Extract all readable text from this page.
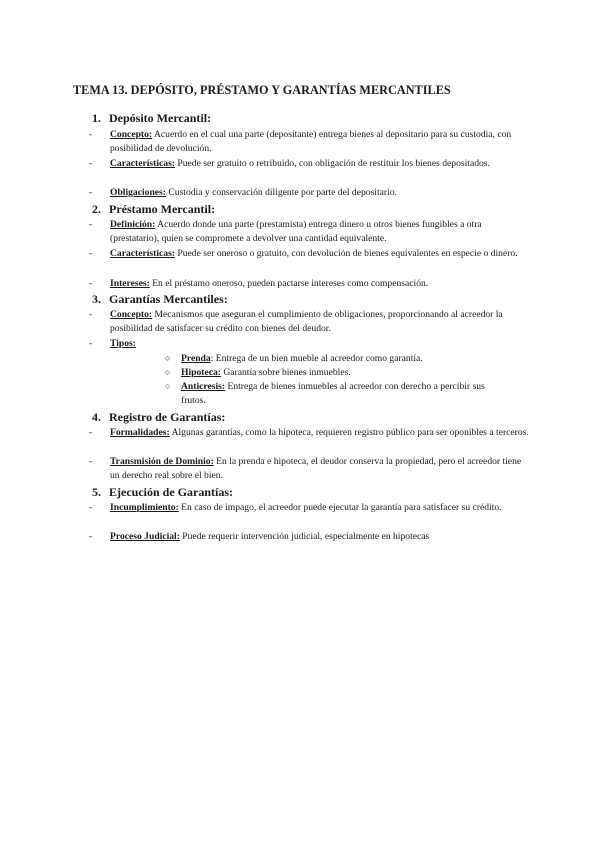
TEMA 13. DEPÓSITO, PRÉSTAMO Y GARANTÍAS MERCANTILES
1. Depósito Mercantil:
- Concepto: Acuerdo en el cual una parte (depositante) entrega bienes al depositario para su custodia, con posibilidad de devolución.
- Características: Puede ser gratuito o retribuido, con obligación de restituir los bienes depositados.
- Obligaciones: Custodia y conservación diligente por parte del depositario.
2. Préstamo Mercantil:
- Definición: Acuerdo donde una parte (prestamista) entrega dinero u otros bienes fungibles a otra (prestatario), quien se compromete a devolver una cantidad equivalente.
- Características: Puede ser oneroso o gratuito, con devolución de bienes equivalentes en especie o dinero.
- Intereses: En el préstamo oneroso, pueden pactarse intereses como compensación.
3. Garantías Mercantiles:
- Concepto: Mecanismos que aseguran el cumplimiento de obligaciones, proporcionando al acreedor la posibilidad de satisfacer su crédito con bienes del deudor.
- Tipos:
○ Prenda: Entrega de un bien mueble al acreedor como garantía.
○ Hipoteca: Garantía sobre bienes inmuebles.
○ Anticresis: Entrega de bienes inmuebles al acreedor con derecho a percibir sus frutos.
4. Registro de Garantías:
- Formalidades: Algunas garantías, como la hipoteca, requieren registro público para ser oponibles a terceros.
- Transmisión de Dominio: En la prenda e hipoteca, el deudor conserva la propiedad, pero el acreedor tiene un derecho real sobre el bien.
5. Ejecución de Garantías:
- Incumplimiento: En caso de impago, el acreedor puede ejecutar la garantía para satisfacer su crédito.
- Proceso Judicial: Puede requerir intervención judicial, especialmente en hipotecas
